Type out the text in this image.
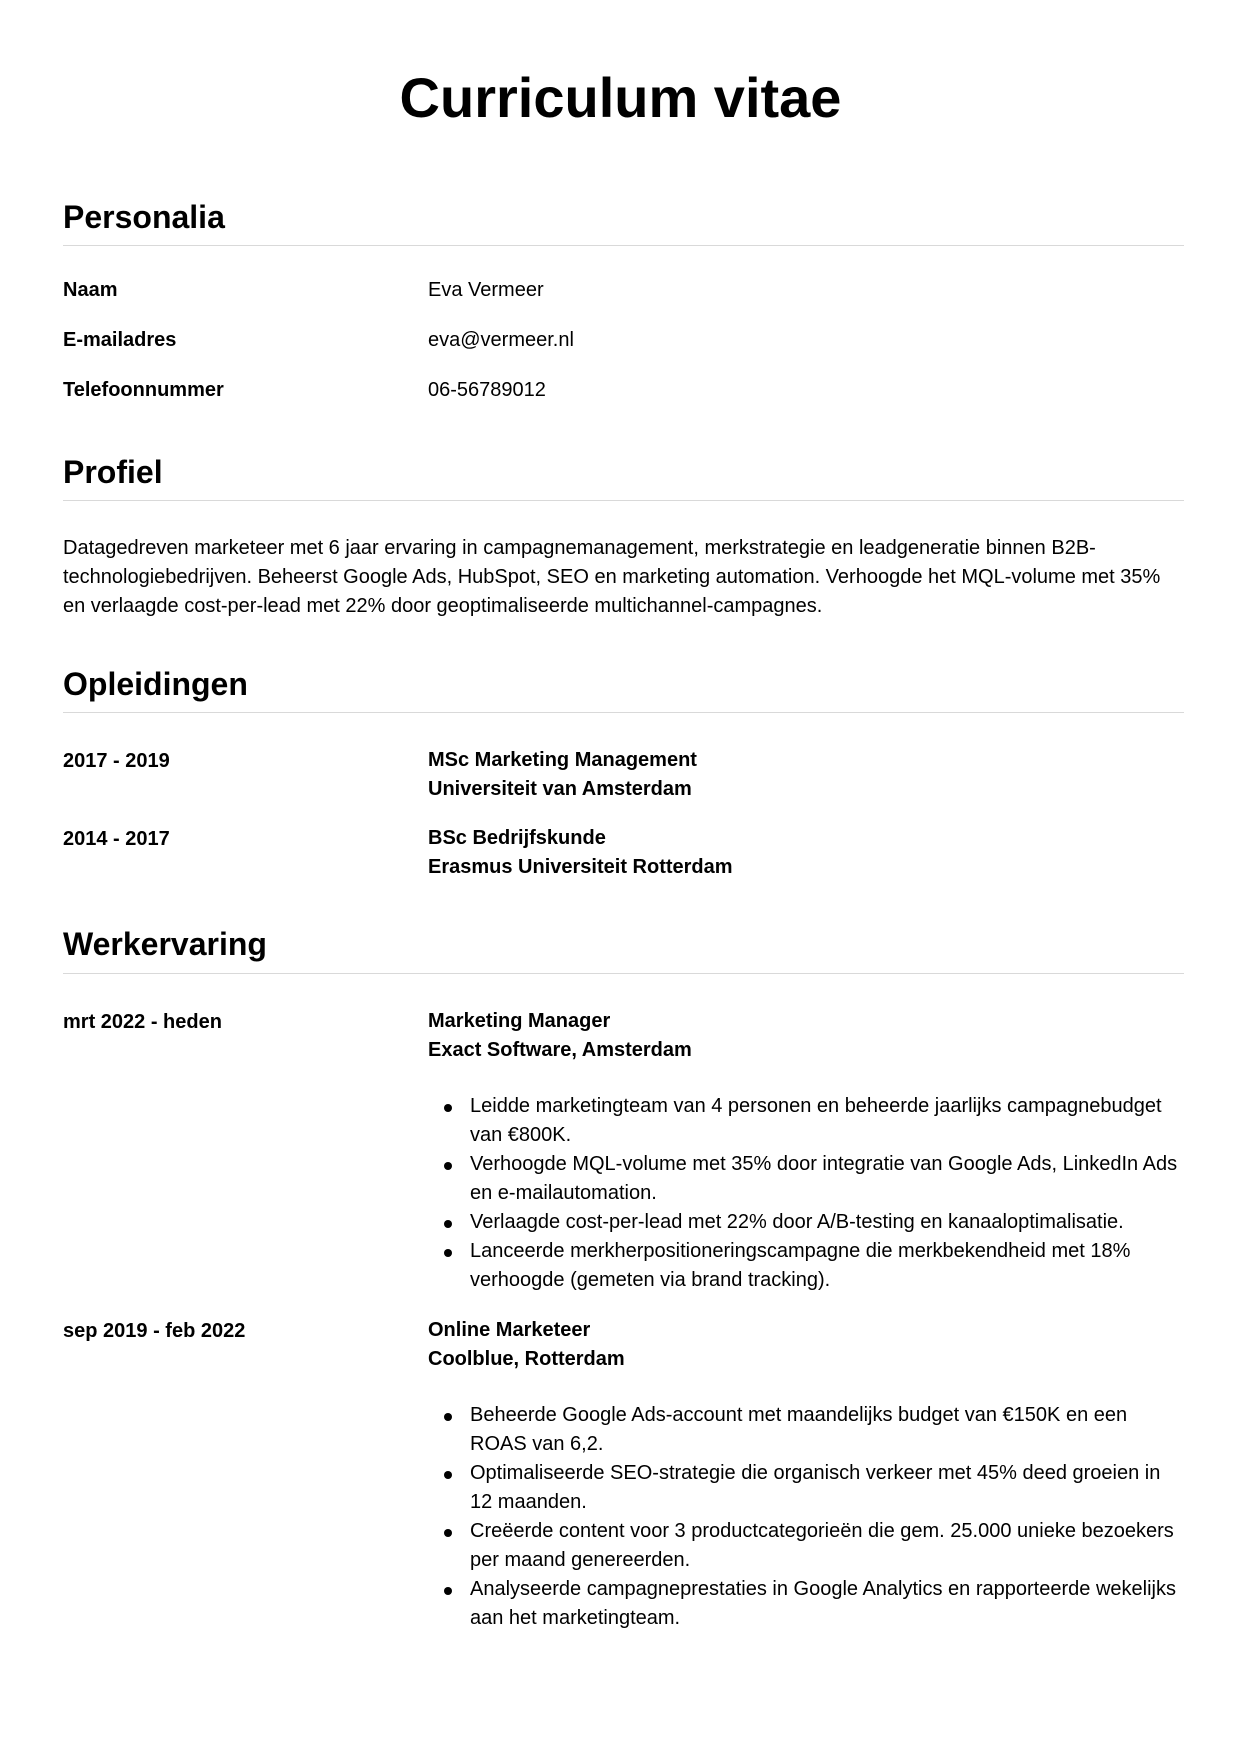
Curriculum vitae
Personalia
Naam	Eva Vermeer
E-mailadres	eva@vermeer.nl
Telefoonnummer	06-56789012
Profiel
Datagedreven marketeer met 6 jaar ervaring in campagnemanagement, merkstrategie en leadgeneratie binnen B2B-technologiebedrijven. Beheerst Google Ads, HubSpot, SEO en marketing automation. Verhoogde het MQL-volume met 35% en verlaagde cost-per-lead met 22% door geoptimaliseerde multichannel-campagnes.
Opleidingen
2017 - 2019	MSc Marketing Management
Universiteit van Amsterdam
2014 - 2017	BSc Bedrijfskunde
Erasmus Universiteit Rotterdam
Werkervaring
mrt 2022 - heden	Marketing Manager
Exact Software, Amsterdam
Leidde marketingteam van 4 personen en beheerde jaarlijks campagnebudget van €800K.
Verhoogde MQL-volume met 35% door integratie van Google Ads, LinkedIn Ads en e-mailautomation.
Verlaagde cost-per-lead met 22% door A/B-testing en kanaaloptimalisatie.
Lanceerde merkherpositioneringscampagne die merkbekendheid met 18% verhoogde (gemeten via brand tracking).
sep 2019 - feb 2022	Online Marketeer
Coolblue, Rotterdam
Beheerde Google Ads-account met maandelijks budget van €150K en een ROAS van 6,2.
Optimaliseerde SEO-strategie die organisch verkeer met 45% deed groeien in 12 maanden.
Creëerde content voor 3 productcategorieën die gem. 25.000 unieke bezoekers per maand genereerden.
Analyseerde campagneprestaties in Google Analytics en rapporteerde wekelijks aan het marketingteam.
